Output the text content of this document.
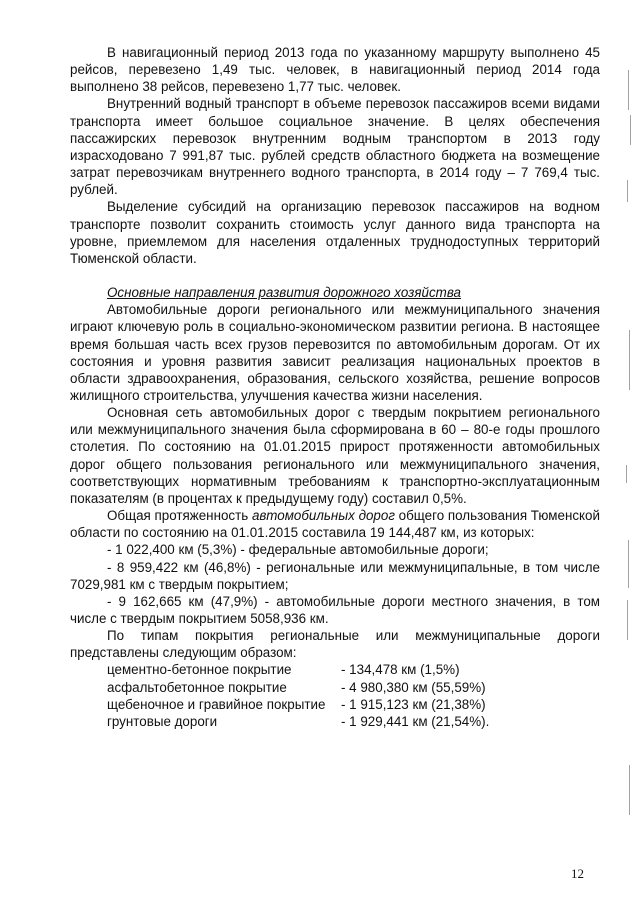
В навигационный период 2013 года по указанному маршруту выполнено 45 рейсов, перевезено 1,49 тыс. человек, в навигационный период 2014 года выполнено 38 рейсов, перевезено 1,77 тыс. человек.

Внутренний водный транспорт в объеме перевозок пассажиров всеми видами транспорта имеет большое социальное значение. В целях обеспечения пассажирских перевозок внутренним водным транспортом в 2013 году израсходовано 7 991,87 тыс. рублей средств областного бюджета на возмещение затрат перевозчикам внутреннего водного транспорта, в 2014 году – 7 769,4 тыс. рублей.

Выделение субсидий на организацию перевозок пассажиров на водном транспорте позволит сохранить стоимость услуг данного вида транспорта на уровне, приемлемом для населения отдаленных труднодоступных территорий Тюменской области.

Основные направления развития дорожного хозяйства

Автомобильные дороги регионального или межмуниципального значения играют ключевую роль в социально-экономическом развитии региона. В настоящее время большая часть всех грузов перевозится по автомобильным дорогам. От их состояния и уровня развития зависит реализация национальных проектов в области здравоохранения, образования, сельского хозяйства, решение вопросов жилищного строительства, улучшения качества жизни населения.

Основная сеть автомобильных дорог с твердым покрытием регионального или межмуниципального значения была сформирована в 60 – 80-е годы прошлого столетия. По состоянию на 01.01.2015 прирост протяженности автомобильных дорог общего пользования регионального или межмуниципального значения, соответствующих нормативным требованиям к транспортно-эксплуатационным показателям (в процентах к предыдущему году) составил 0,5%.

Общая протяженность автомобильных дорог общего пользования Тюменской области по состоянию на 01.01.2015 составила 19 144,487 км, из которых:

- 1 022,400 км (5,3%) - федеральные автомобильные дороги;

- 8 959,422 км (46,8%) - региональные или межмуниципальные, в том числе 7029,981 км с твердым покрытием;

- 9 162,665 км (47,9%) - автомобильные дороги местного значения, в том числе с твердым покрытием 5058,936 км.

По типам покрытия региональные или межмуниципальные дороги представлены следующим образом:

цементно-бетонное покрытие	- 134,478 км (1,5%)
асфальтобетонное покрытие	- 4 980,380 км (55,59%)
щебеночное и гравийное покрытие	- 1 915,123 км (21,38%)
грунтовые дороги	- 1 929,441 км (21,54%).
12
